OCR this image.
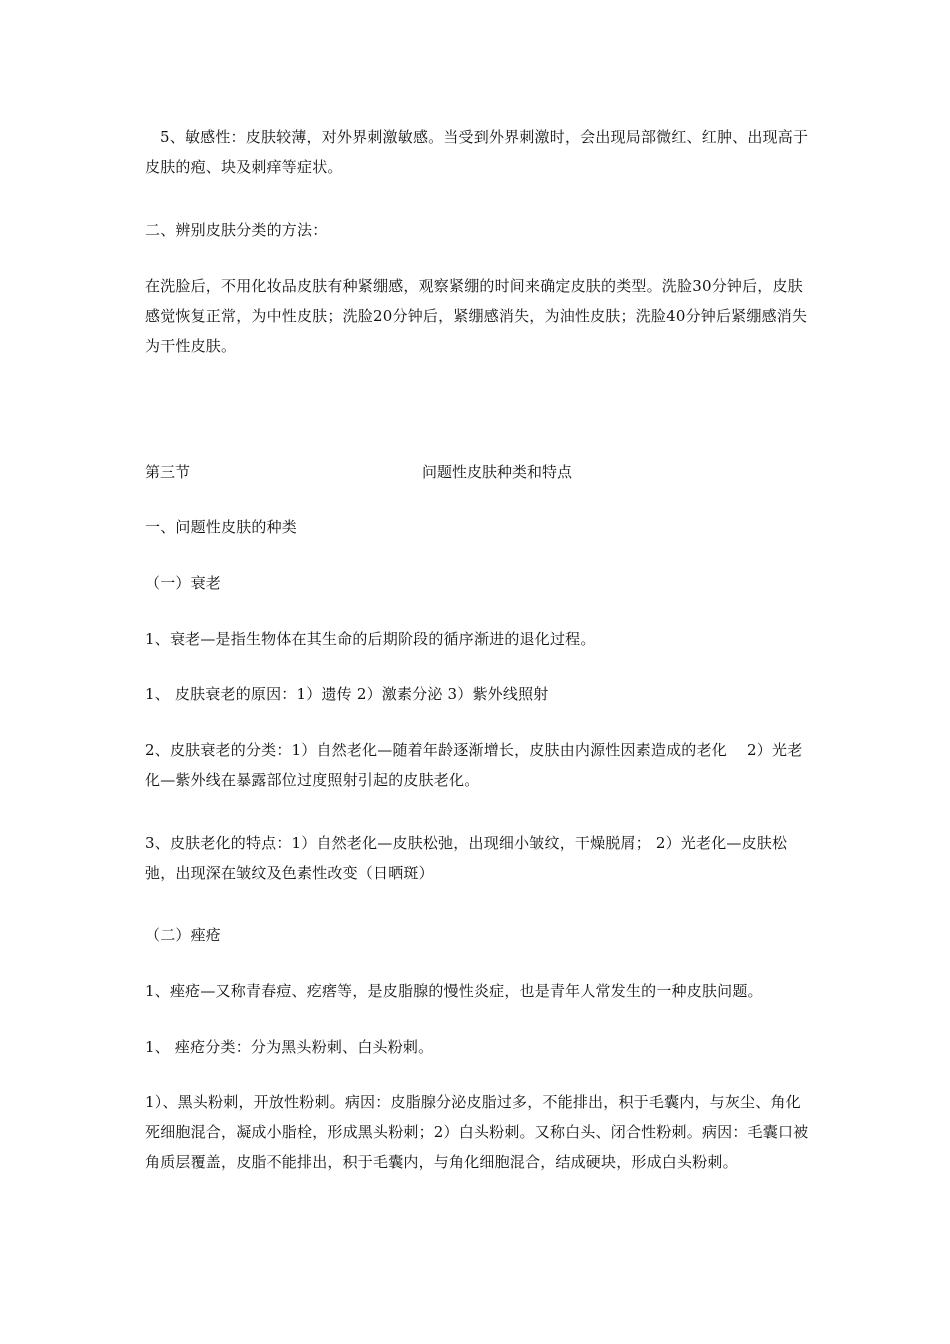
5、敏感性：皮肤较薄，对外界刺激敏感。当受到外界刺激时，会出现局部微红、红肿、出现高于皮肤的疱、块及刺痒等症状。
二、辨别皮肤分类的方法：
在洗脸后，不用化妆品皮肤有种紧绷感，观察紧绷的时间来确定皮肤的类型。洗脸30分钟后，皮肤感觉恢复正常，为中性皮肤；洗脸20分钟后，紧绷感消失，为油性皮肤；洗脸40分钟后紧绷感消失为干性皮肤。
第三节	问题性皮肤种类和特点
一、问题性皮肤的种类
（一）衰老
1、衰老—是指生物体在其生命的后期阶段的循序渐进的退化过程。
1、 皮肤衰老的原因：1）遗传 2）激素分泌 3）紫外线照射
2、皮肤衰老的分类：1）自然老化—随着年龄逐渐增长，皮肤由内源性因素造成的老化　 2）光老化—紫外线在暴露部位过度照射引起的皮肤老化。
3、皮肤老化的特点：1）自然老化—皮肤松弛，出现细小皱纹，干燥脱屑； 2）光老化—皮肤松弛，出现深在皱纹及色素性改变（日晒斑）
（二）痤疮
1、痤疮—又称青春痘、疙瘩等，是皮脂腺的慢性炎症，也是青年人常发生的一种皮肤问题。
1、 痤疮分类：分为黑头粉刺、白头粉刺。
1）、黑头粉刺，开放性粉刺。病因：皮脂腺分泌皮脂过多，不能排出，积于毛囊内，与灰尘、角化死细胞混合，凝成小脂栓，形成黑头粉刺；2）白头粉刺。又称白头、闭合性粉刺。病因：毛囊口被角质层覆盖，皮脂不能排出，积于毛囊内，与角化细胞混合，结成硬块，形成白头粉刺。
